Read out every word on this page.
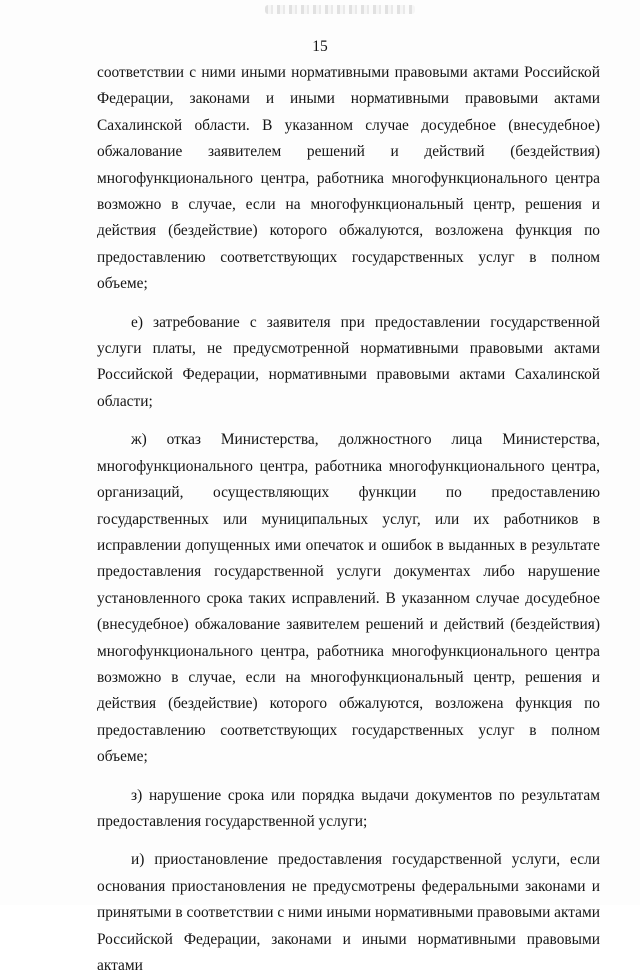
15

соответствии с ними иными нормативными правовыми актами Российской Федерации, законами и иными нормативными правовыми актами Сахалинской области. В указанном случае досудебное (внесудебное) обжалование заявителем решений и действий (бездействия) многофункционального центра, работника многофункционального центра возможно в случае, если на многофункциональный центр, решения и действия (бездействие) которого обжалуются, возложена функция по предоставлению соответствующих государственных услуг в полном объеме;

е) затребование с заявителя при предоставлении государственной услуги платы, не предусмотренной нормативными правовыми актами Российской Федерации, нормативными правовыми актами Сахалинской области;

ж) отказ Министерства, должностного лица Министерства, многофункционального центра, работника многофункционального центра, организаций, осуществляющих функции по предоставлению государственных или муниципальных услуг, или их работников в исправлении допущенных ими опечаток и ошибок в выданных в результате предоставления государственной услуги документах либо нарушение установленного срока таких исправлений. В указанном случае досудебное (внесудебное) обжалование заявителем решений и действий (бездействия) многофункционального центра, работника многофункционального центра возможно в случае, если на многофункциональный центр, решения и действия (бездействие) которого обжалуются, возложена функция по предоставлению соответствующих государственных услуг в полном объеме;

з) нарушение срока или порядка выдачи документов по результатам предоставления государственной услуги;

и) приостановление предоставления государственной услуги, если основания приостановления не предусмотрены федеральными законами и принятыми в соответствии с ними иными нормативными правовыми актами Российской Федерации, законами и иными нормативными правовыми актами
